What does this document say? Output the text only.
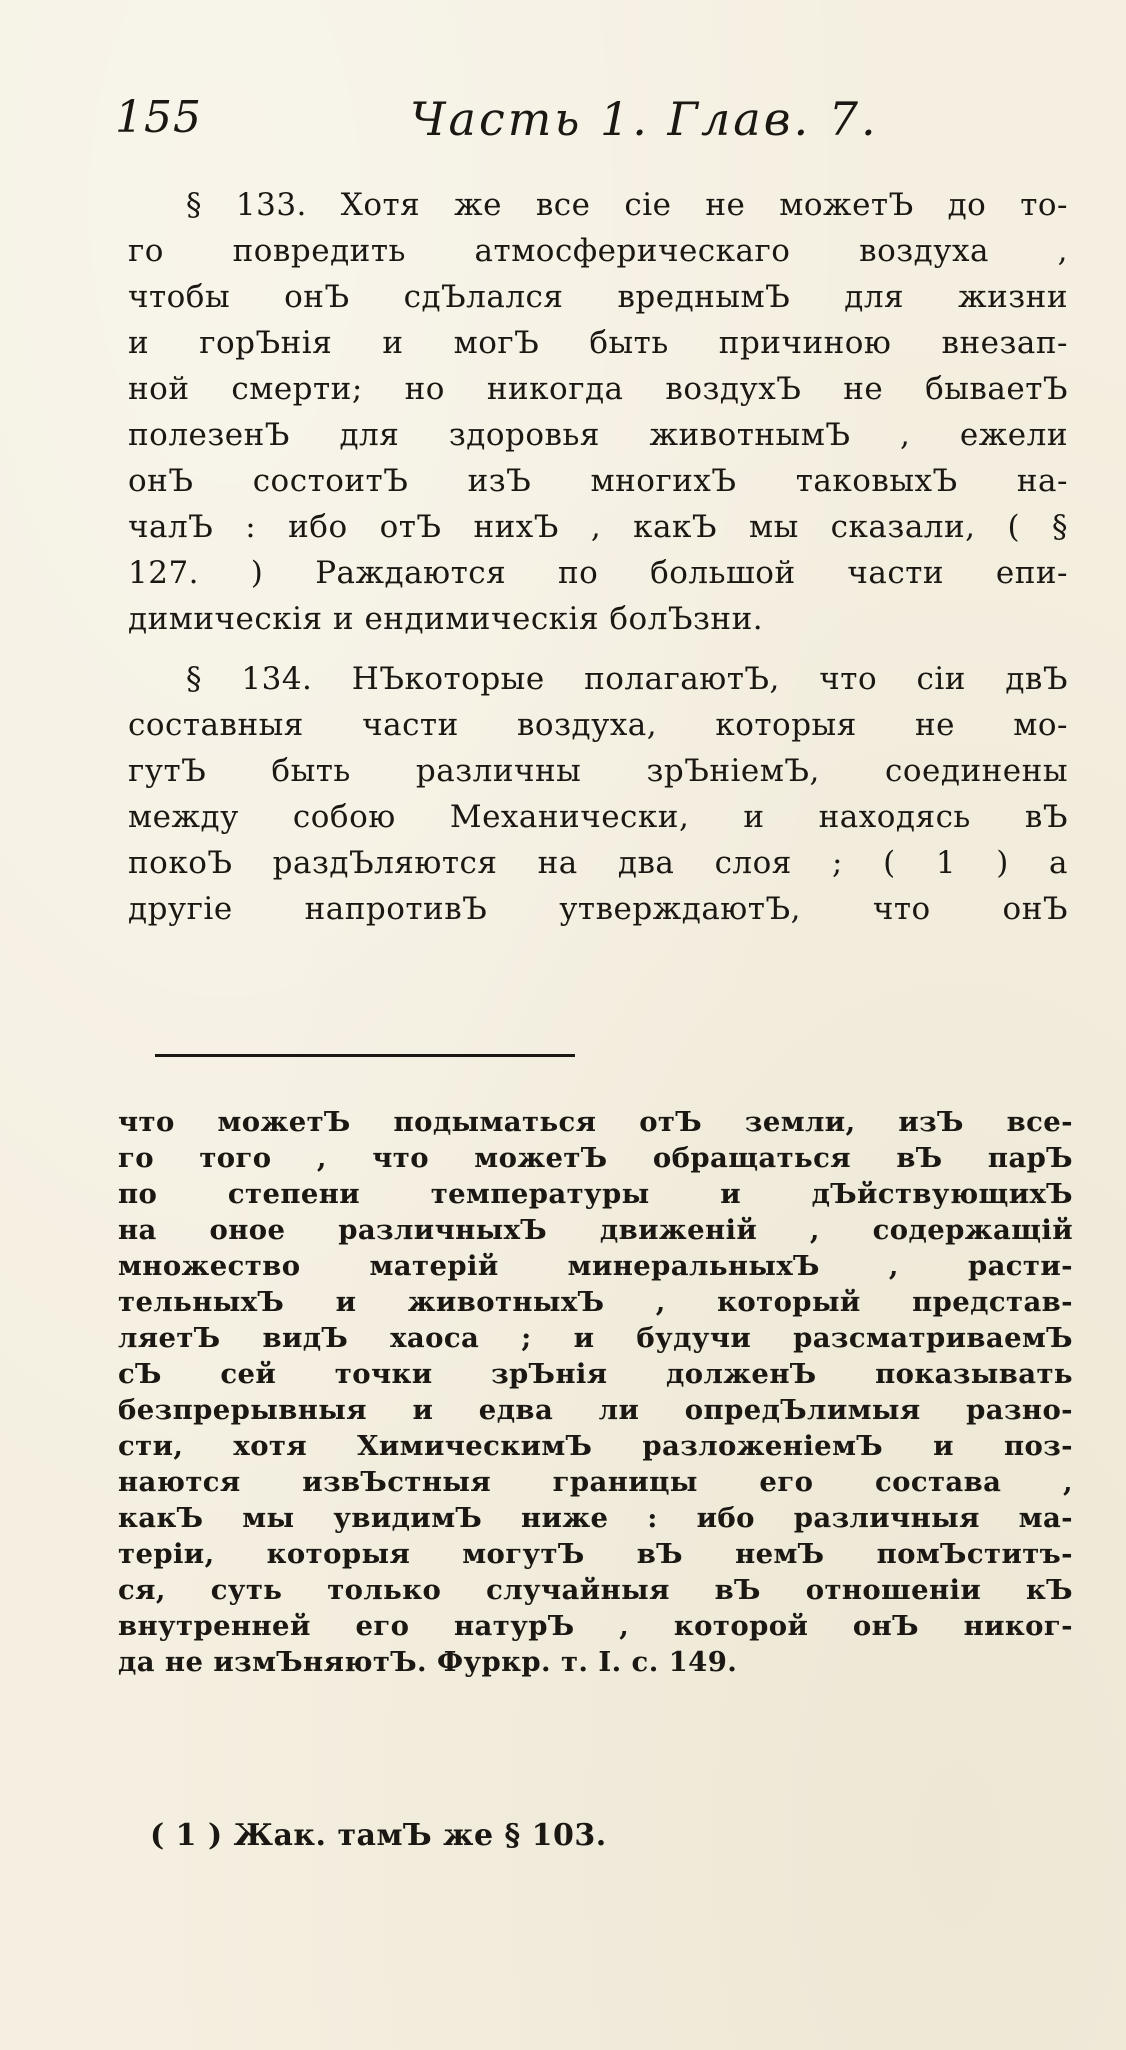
155	Часть 1. Глав. 7.
§ 133. Хотя же все сіе не можетЪ до то-
го повредить атмосферическаго воздуха ,
чтобы онЪ сдЪлался вреднымЪ для жизни
и горЪнія и могЪ быть причиною внезап-
ной смерти; но никогда воздухЪ не бываетЪ
полезенЪ для здоровья животнымЪ , ежели
онЪ состоитЪ изЪ многихЪ таковыхЪ на-
чалЪ : ибо отЪ нихЪ , какЪ мы сказали, ( §
127. ) Раждаются по большой части епи-
димическія и ендимическія болЪзни.
§ 134. НЪкоторые полагаютЪ, что сіи двЪ
составныя части воздуха, которыя не мо-
гутЪ быть различны зрЪніемЪ, соединены
между собою Механически, и находясь вЪ
покоЪ раздЪляются на два слоя ; ( 1 ) а
другіе напротивЪ утверждаютЪ, что онЪ
что можетЪ подыматься отЪ земли, изЪ все-
го того , что можетЪ обращаться вЪ парЪ
по степени температуры и дЪйствующихЪ
на оное различныхЪ движеній , содержащій
множество матерій минеральныхЪ , расти-
тельныхЪ и животныхЪ , который представ-
ляетЪ видЪ хаоса ; и будучи разсматриваемЪ
сЪ сей точки зрЪнія долженЪ показывать
безпрерывныя и едва ли опредЪлимыя разно-
сти, хотя ХимическимЪ разложеніемЪ и поз-
наются извЪстныя границы его состава ,
какЪ мы увидимЪ ниже : ибо различныя ма-
теріи, которыя могутЪ вЪ немЪ помЪститъ-
ся, суть только случайныя вЪ отношеніи кЪ
внутренней его натурЪ , которой онЪ никог-
да не измЪняютЪ. Фуркр. т. I. с. 149.
( 1 ) Жак. тамЪ же § 103.
